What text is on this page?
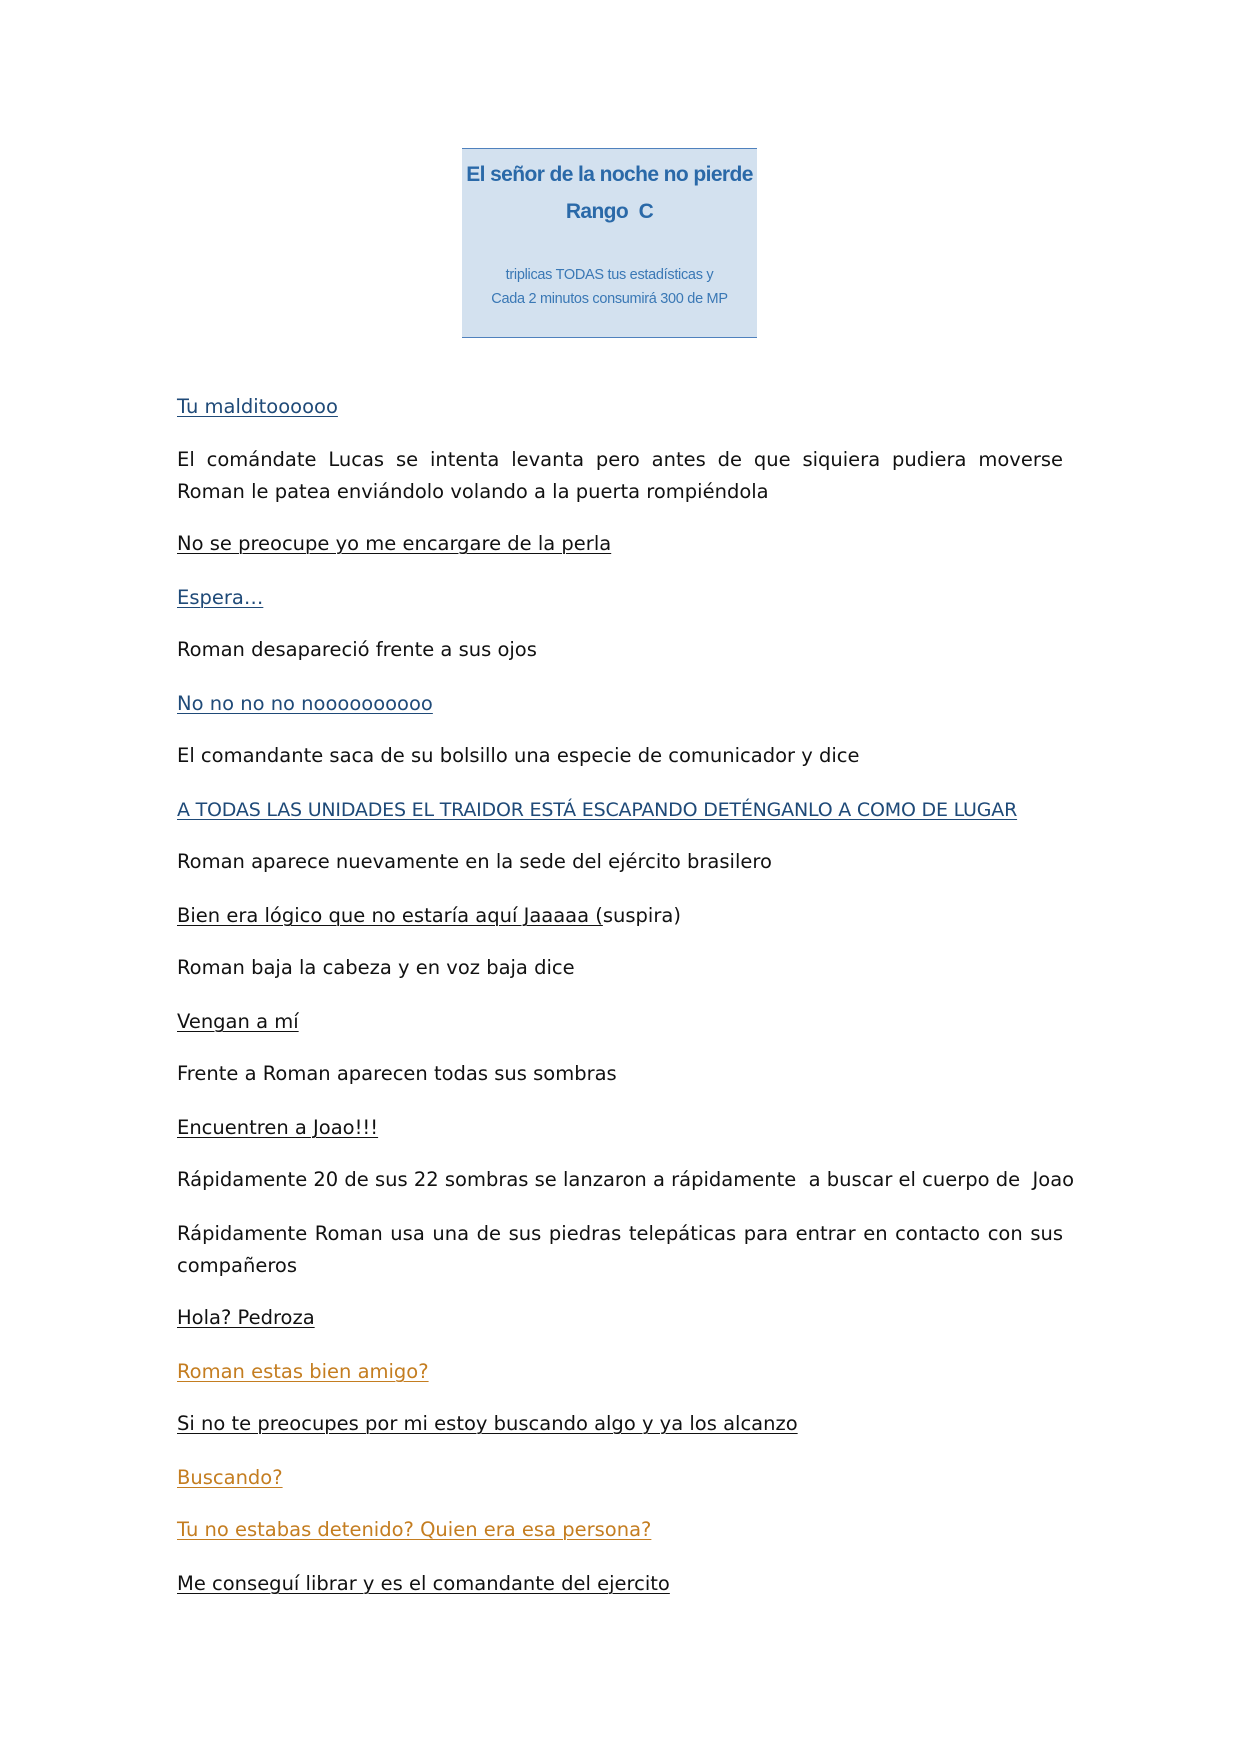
El señor de la noche no pierde
Rango  C
triplicas TODAS tus estadísticas y
Cada 2 minutos consumirá 300 de MP

Tu malditoooooo

El comándate Lucas se intenta levanta pero antes de que siquiera pudiera moverse Roman le patea enviándolo volando a la puerta rompiéndola

No se preocupe yo me encargare de la perla

Espera…

Roman desapareció frente a sus ojos

No no no no noooooooooo

El comandante saca de su bolsillo una especie de comunicador y dice

A TODAS LAS UNIDADES EL TRAIDOR ESTÁ ESCAPANDO DETÉNGANLO A COMO DE LUGAR

Roman aparece nuevamente en la sede del ejército brasilero

Bien era lógico que no estaría aquí Jaaaaa (suspira)

Roman baja la cabeza y en voz baja dice

Vengan a mí

Frente a Roman aparecen todas sus sombras

Encuentren a Joao!!!

Rápidamente 20 de sus 22 sombras se lanzaron a rápidamente  a buscar el cuerpo de  Joao

Rápidamente Roman usa una de sus piedras telepáticas para entrar en contacto con sus compañeros

Hola? Pedroza

Roman estas bien amigo?

Si no te preocupes por mi estoy buscando algo y ya los alcanzo

Buscando?

Tu no estabas detenido? Quien era esa persona?

Me conseguí librar y es el comandante del ejercito
